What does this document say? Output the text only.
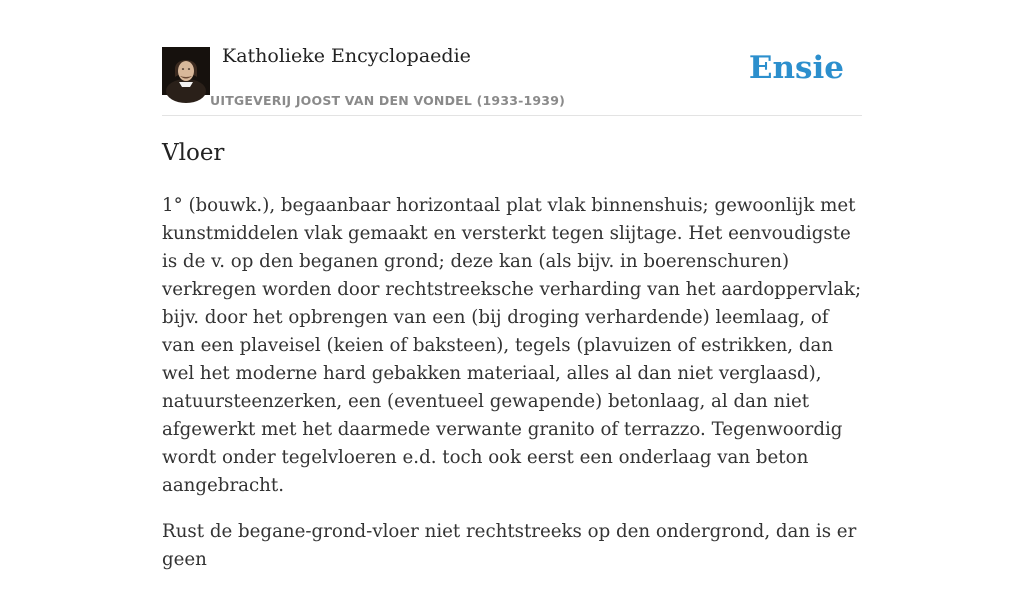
Katholieke Encyclopaedie
UITGEVERIJ JOOST VAN DEN VONDEL (1933-1939)
Ensie
Vloer

1° (bouwk.), begaanbaar horizontaal plat vlak binnenshuis; gewoonlijk met kunstmiddelen vlak gemaakt en versterkt tegen slijtage. Het eenvoudigste is de v. op den beganen grond; deze kan (als bijv. in boerenschuren) verkregen worden door rechtstreeksche verharding van het aardoppervlak; bijv. door het opbrengen van een (bij droging verhardende) leemlaag, of van een plaveisel (keien of baksteen), tegels (plavuizen of estrikken, dan wel het moderne hard gebakken materiaal, alles al dan niet verglaasd), natuursteenzerken, een (eventueel gewapende) betonlaag, al dan niet afgewerkt met het daarmede verwante granito of terrazzo. Tegenwoordig wordt onder tegelvloeren e.d. toch ook eerst een onderlaag van beton aangebracht.

Rust de begane-grond-vloer niet rechtstreeks op den ondergrond, dan is er geen
